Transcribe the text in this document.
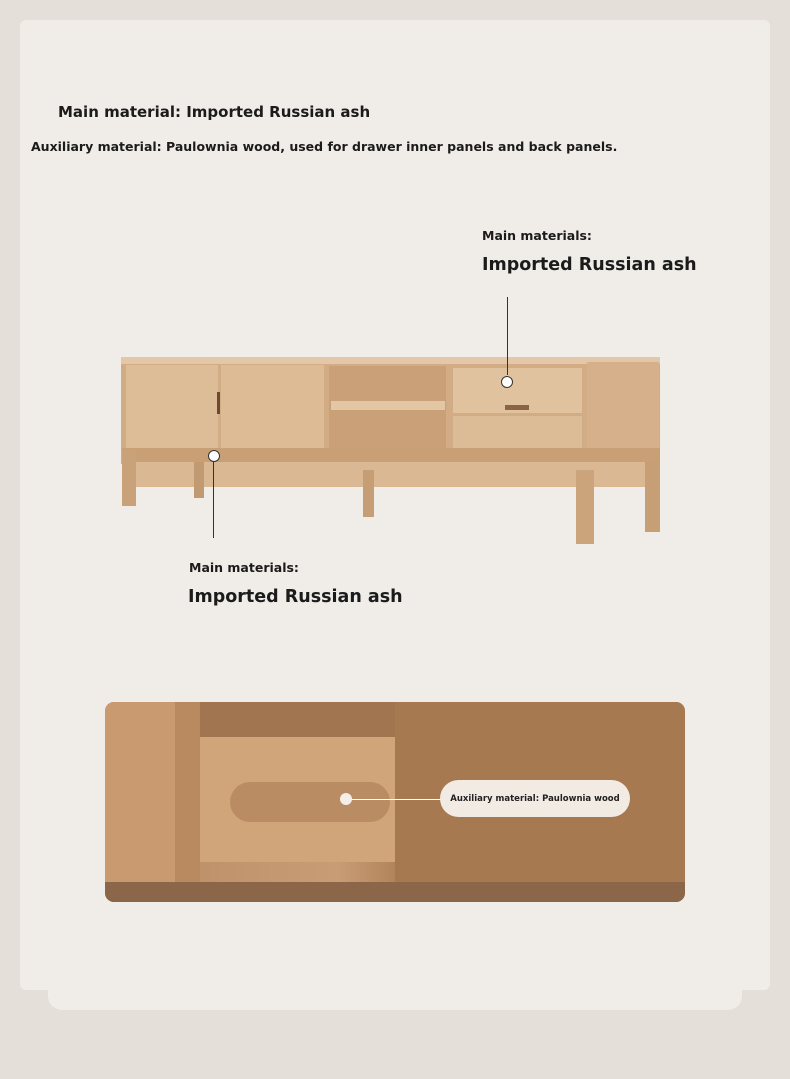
Main material: Imported Russian ash
Auxiliary material: Paulownia wood, used for drawer inner panels and back panels.
Main materials:
Imported Russian ash
Main materials:
Imported Russian ash
Auxiliary material: Paulownia wood
